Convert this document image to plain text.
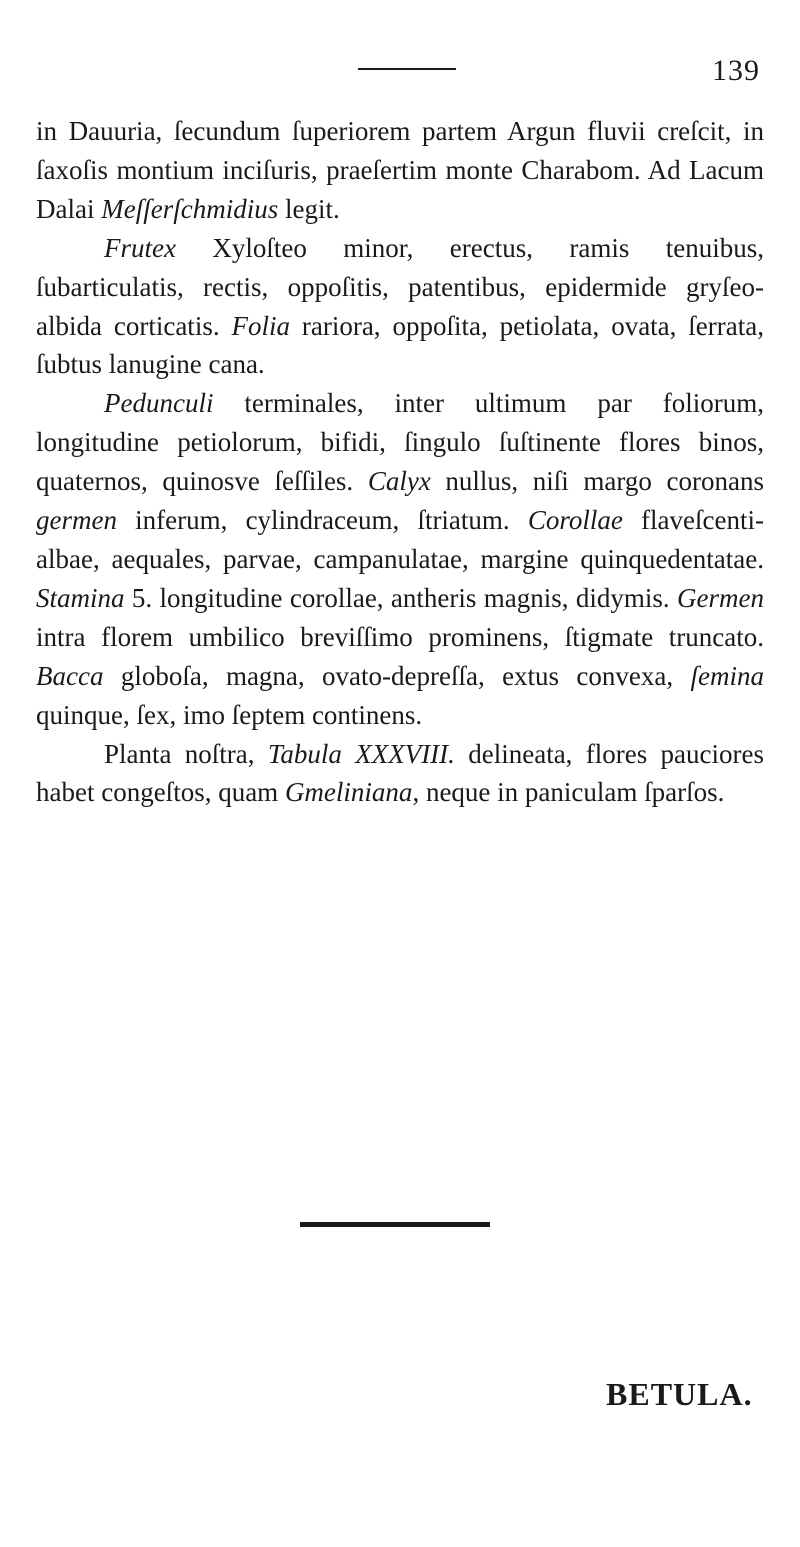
139

in Dauuria, ſecundum ſuperiorem partem Argun fluvii creſcit, in ſaxoſis montium inciſuris, praeſertim monte Charabom. Ad Lacum Dalai Meſſerſchmidius legit.

Frutex Xyloſteo minor, erectus, ramis tenuibus, ſubarticulatis, rectis, oppoſitis, patentibus, epidermide gryſeo-albida corticatis. Folia rariora, oppoſita, petiolata, ovata, ſerrata, ſubtus lanugine cana.

Pedunculi terminales, inter ultimum par foliorum, longitudine petiolorum, bifidi, ſingulo ſuſtinente flores binos, quaternos, quinosve ſeſſiles. Calyx nullus, niſi margo coronans germen inferum, cylindraceum, ſtriatum. Corollae flaveſcenti-albae, aequales, parvae, campanulatae, margine quinquedentatae. Stamina 5. longitudine corollae, antheris magnis, didymis. Germen intra florem umbilico breviſſimo prominens, ſtigmate truncato. Bacca globoſa, magna, ovato-depreſſa, extus convexa, ſemina quinque, ſex, imo ſeptem continens.

Planta noſtra, Tabula XXXVIII. delineata, flores pauciores habet congeſtos, quam Gmeliniana, neque in paniculam ſparſos.

BETULA.
